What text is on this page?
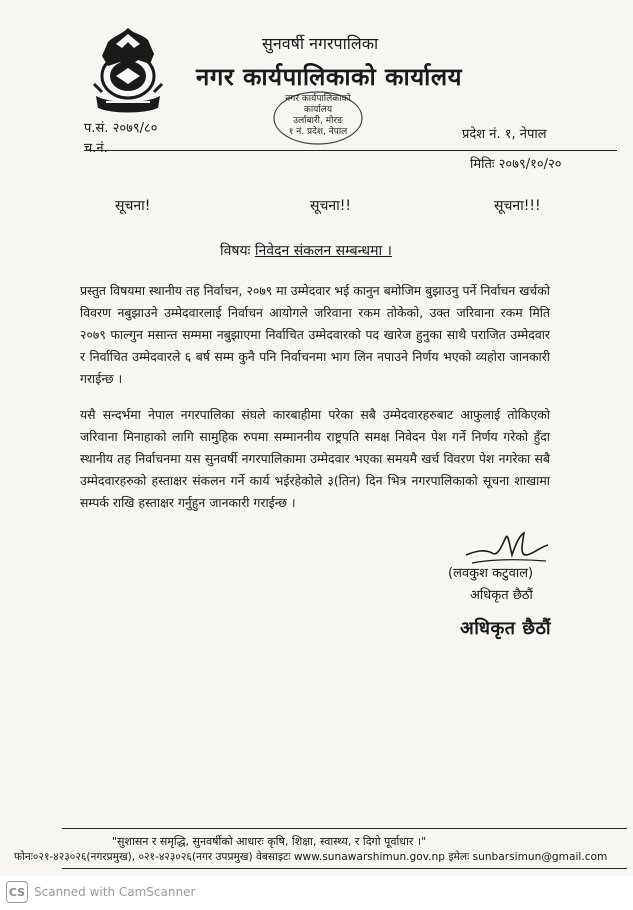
सुनवर्षी नगरपालिका
नगर कार्यपालिकाको कार्यालय
नगर कार्यपालिकाको कार्यालय
उर्लाबारी, मोरङ
१ नं. प्रदेश, नेपाल
प.सं. २०७९/८०
च.नं.
प्रदेश नं. १, नेपाल
मितिः २०७९/१०/२०
सूचना!	सूचना!!	सूचना!!!
विषयः निवेदन संकलन सम्बन्धमा ।
प्रस्तुत विषयमा स्थानीय तह निर्वाचन, २०७९ मा उम्मेदवार भई कानुन बमोजिम बुझाउनु पर्ने निर्वाचन खर्चको विवरण नबुझाउने उम्मेदवारलाई निर्वाचन आयोगले जरिवाना रकम तोकेको, उक्त जरिवाना रकम मिति २०७९ फाल्गुन मसान्त सम्ममा नबुझाएमा निर्वाचित उम्मेदवारको पद खारेज हुनुका साथै पराजित उम्मेदवार र निर्वाचित उम्मेदवारले ६ बर्ष सम्म कुनै पनि निर्वाचनमा भाग लिन नपाउने निर्णय भएको व्यहोरा जानकारी गराईन्छ ।
यसै सन्दर्भमा नेपाल नगरपालिका संघले कारबाहीमा परेका सबै उम्मेदवारहरुबाट आफुलाई तोकिएको जरिवाना मिनाहाको लागि सामुहिक रुपमा सम्माननीय राष्ट्रपति समक्ष निवेदन पेश गर्ने निर्णय गरेको हुँदा स्थानीय तह निर्वाचनमा यस सुनवर्षी नगरपालिकामा उम्मेदवार भएका समयमै खर्च विवरण पेश नगरेका सबै उम्मेदवारहरुको हस्ताक्षर संकलन गर्ने कार्य भईरहेकोले ३(तिन) दिन भित्र नगरपालिकाको सूचना शाखामा सम्पर्क राखि हस्ताक्षर गर्नुहुन जानकारी गराईन्छ ।
(लवकुश कटुवाल)
अधिकृत छैठौं
अधिकृत छैठौं
"सुशासन र समृद्धि, सुनवर्षीको आधारः कृषि, शिक्षा, स्वास्थ्य, र दिगो पूर्वाधार ।"
फोनः०२१-४२३०२६(नगरप्रमुख), ०२१-४२३०२६(नगर उपप्रमुख) वेबसाइटः www.sunawarshimun.gov.np इमेलः sunbarsimun@gmail.com
CS Scanned with CamScanner
